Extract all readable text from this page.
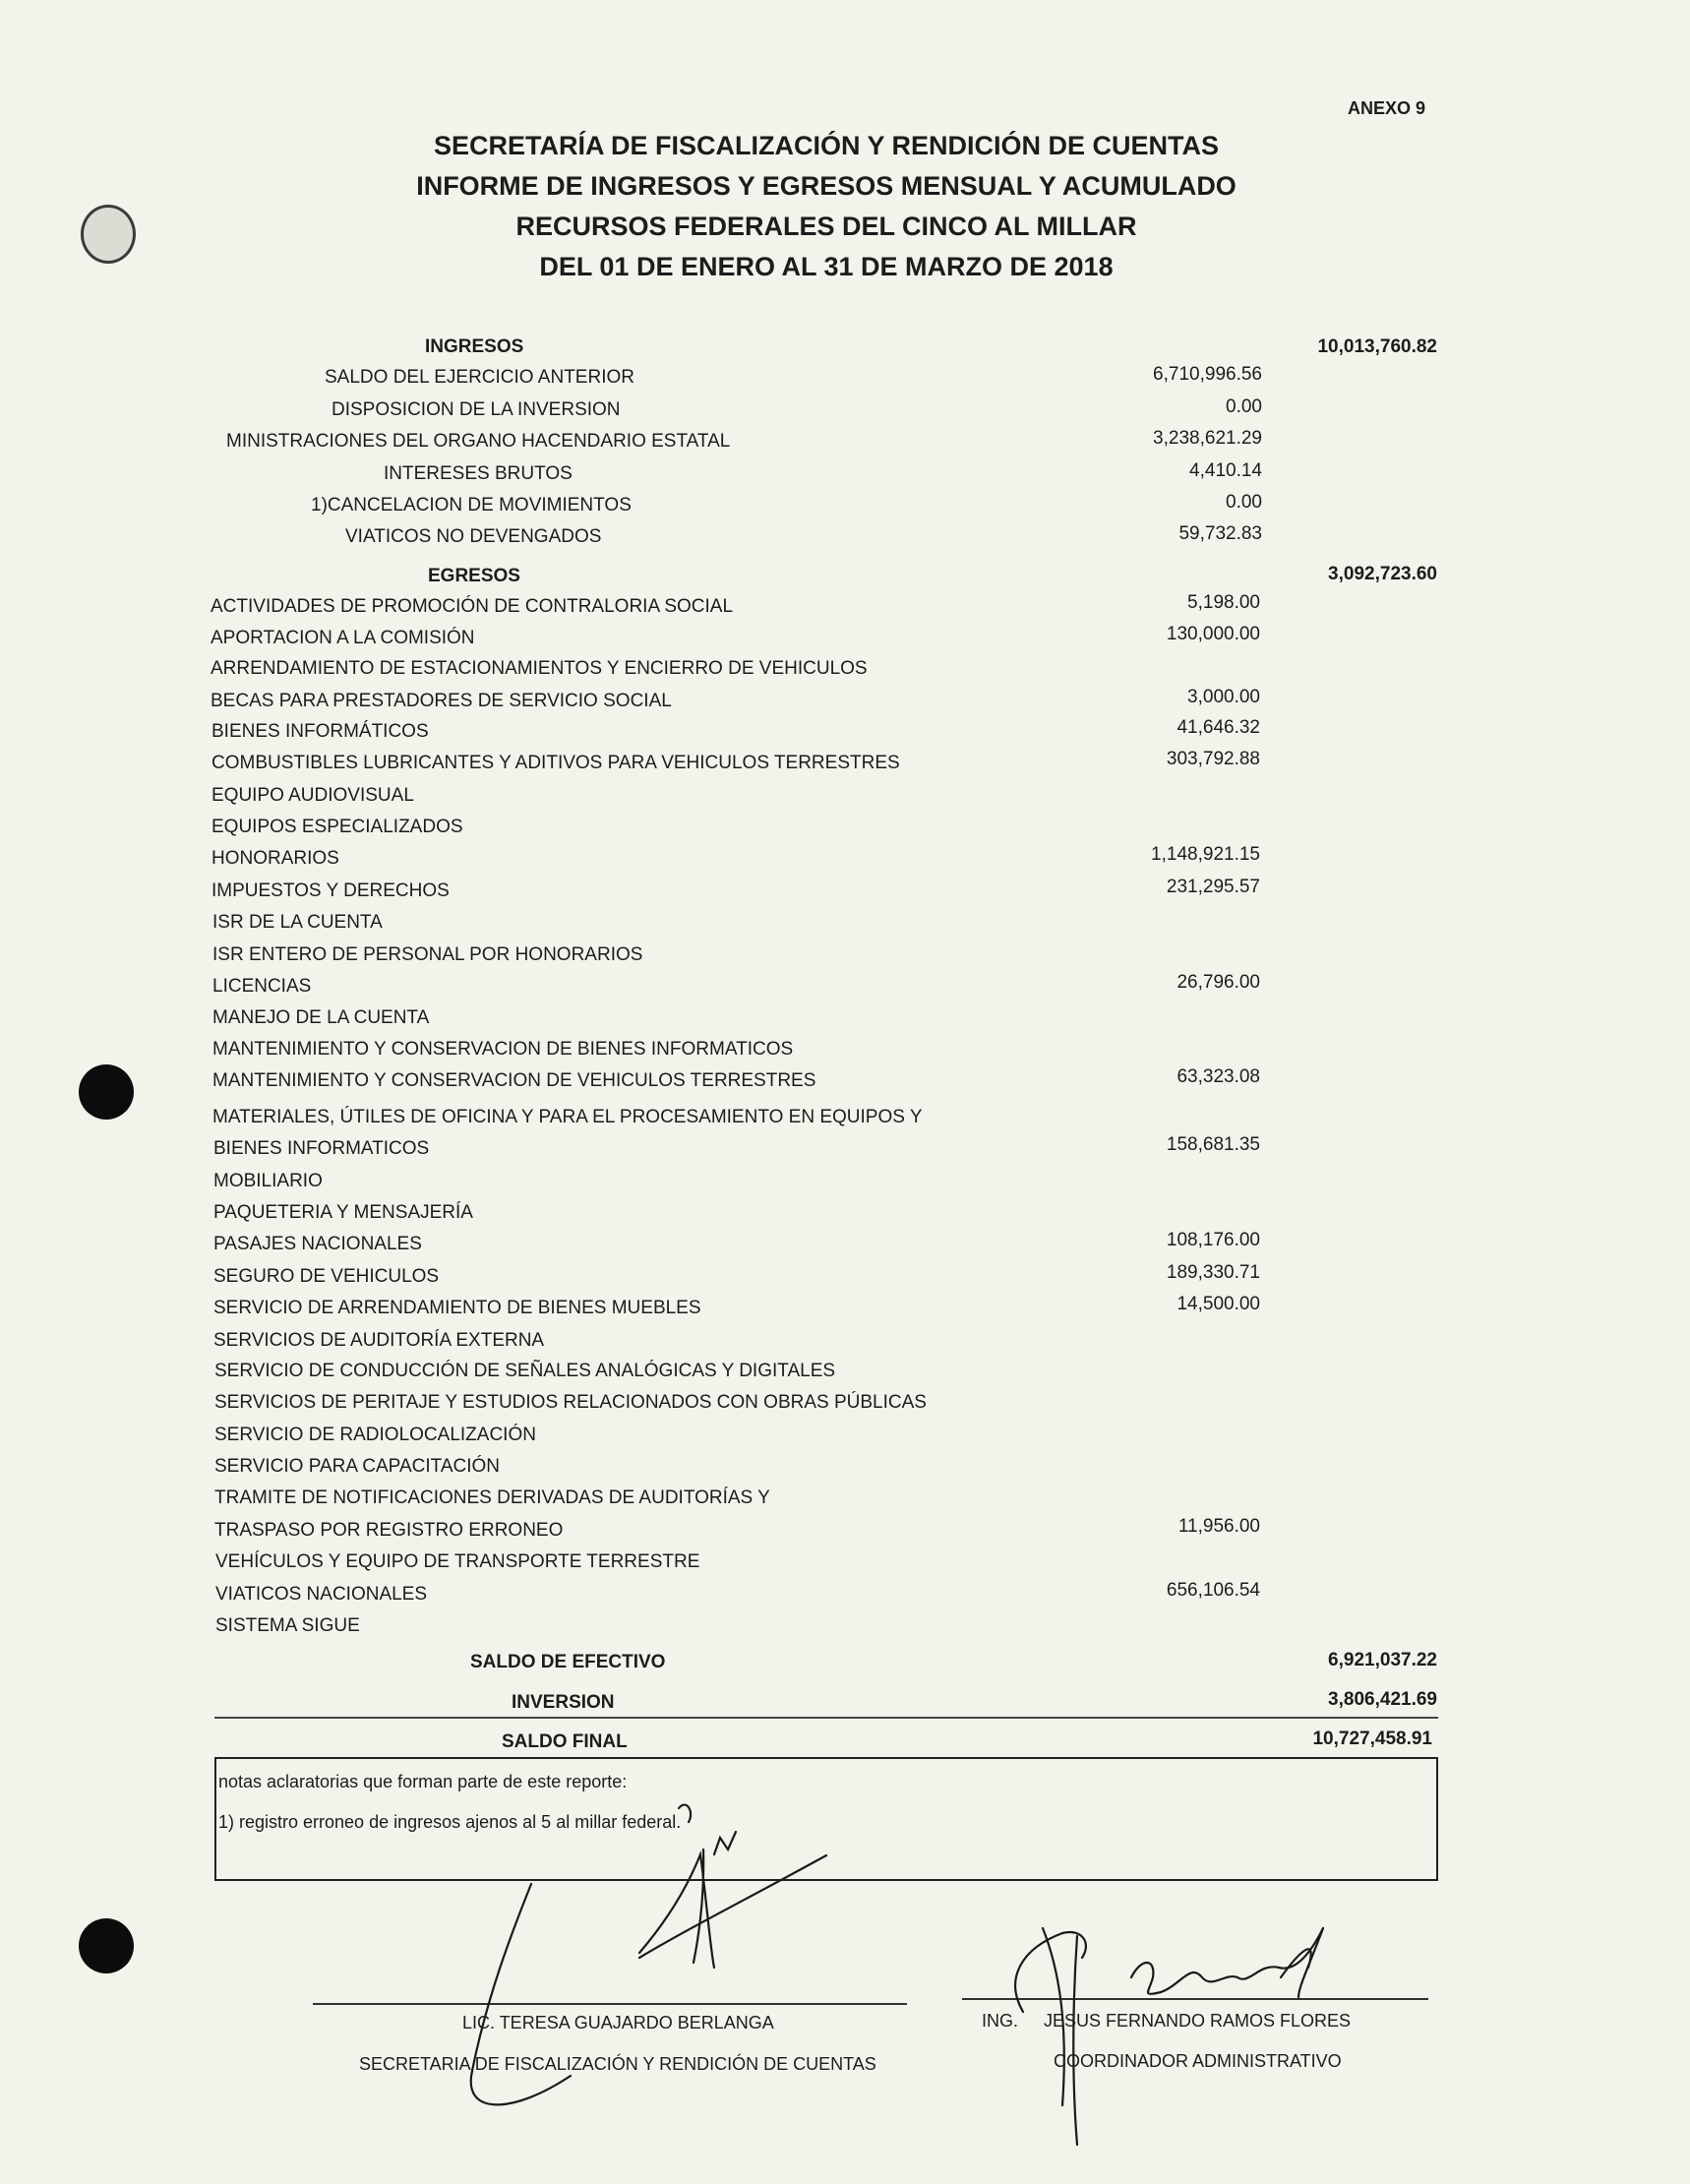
ANEXO 9
SECRETARÍA DE FISCALIZACIÓN Y RENDICIÓN DE CUENTAS
INFORME DE INGRESOS Y EGRESOS MENSUAL Y ACUMULADO
RECURSOS FEDERALES DEL CINCO AL MILLAR
DEL 01 DE ENERO AL 31 DE MARZO DE 2018
INGRESOS	10,013,760.82
SALDO DEL EJERCICIO ANTERIOR	6,710,996.56
DISPOSICION DE LA INVERSION	0.00
MINISTRACIONES DEL ORGANO HACENDARIO ESTATAL	3,238,621.29
INTERESES BRUTOS	4,410.14
1)CANCELACION DE MOVIMIENTOS	0.00
VIATICOS NO DEVENGADOS	59,732.83
EGRESOS	3,092,723.60
ACTIVIDADES DE PROMOCIÓN DE CONTRALORIA SOCIAL	5,198.00
APORTACION A LA COMISIÓN	130,000.00
ARRENDAMIENTO DE ESTACIONAMIENTOS Y ENCIERRO DE VEHICULOS
BECAS PARA PRESTADORES DE SERVICIO SOCIAL	3,000.00
BIENES INFORMÁTICOS	41,646.32
COMBUSTIBLES LUBRICANTES Y ADITIVOS PARA VEHICULOS TERRESTRES	303,792.88
EQUIPO AUDIOVISUAL
EQUIPOS ESPECIALIZADOS
HONORARIOS	1,148,921.15
IMPUESTOS Y DERECHOS	231,295.57
ISR DE LA CUENTA
ISR ENTERO DE PERSONAL POR HONORARIOS
LICENCIAS	26,796.00
MANEJO DE LA CUENTA
MANTENIMIENTO Y CONSERVACION DE BIENES INFORMATICOS
MANTENIMIENTO Y CONSERVACION DE VEHICULOS TERRESTRES	63,323.08
MATERIALES, ÚTILES DE OFICINA Y PARA EL PROCESAMIENTO EN EQUIPOS Y
BIENES INFORMATICOS	158,681.35
MOBILIARIO
PAQUETERIA Y MENSAJERÍA
PASAJES NACIONALES	108,176.00
SEGURO DE VEHICULOS	189,330.71
SERVICIO DE ARRENDAMIENTO DE BIENES MUEBLES	14,500.00
SERVICIOS DE AUDITORÍA EXTERNA
SERVICIO DE CONDUCCIÓN DE SEÑALES ANALÓGICAS Y DIGITALES
SERVICIOS DE PERITAJE Y ESTUDIOS RELACIONADOS CON OBRAS PÚBLICAS
SERVICIO DE RADIOLOCALIZACIÓN
SERVICIO PARA CAPACITACIÓN
TRAMITE DE NOTIFICACIONES DERIVADAS DE AUDITORÍAS Y
TRASPASO POR REGISTRO ERRONEO	11,956.00
VEHÍCULOS Y EQUIPO DE TRANSPORTE TERRESTRE
VIATICOS NACIONALES	656,106.54
SISTEMA SIGUE
SALDO DE EFECTIVO	6,921,037.22
INVERSION	3,806,421.69
SALDO FINAL	10,727,458.91
notas aclaratorias que forman parte de este reporte:
1) registro erroneo de ingresos ajenos al 5 al millar federal.
LIC. TERESA GUAJARDO BERLANGA
SECRETARIA DE FISCALIZACIÓN Y RENDICIÓN DE CUENTAS
ING. JESUS FERNANDO RAMOS FLORES
COORDINADOR ADMINISTRATIVO
